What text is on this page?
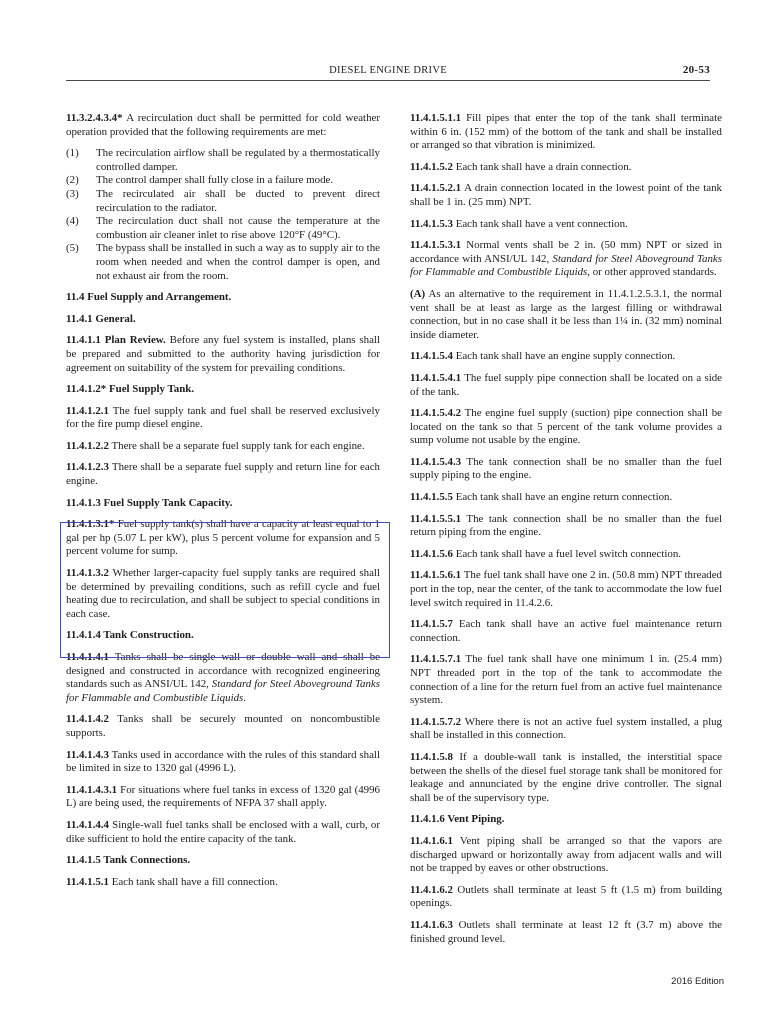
DIESEL ENGINE DRIVE	20-53

11.3.2.4.3.4* A recirculation duct shall be permitted for cold weather operation provided that the following requirements are met:

(1) The recirculation airflow shall be regulated by a thermostatically controlled damper.
(2) The control damper shall fully close in a failure mode.
(3) The recirculated air shall be ducted to prevent direct recirculation to the radiator.
(4) The recirculation duct shall not cause the temperature at the combustion air cleaner inlet to rise above 120°F (49°C).
(5) The bypass shall be installed in such a way as to supply air to the room when needed and when the control damper is open, and not exhaust air from the room.

11.4 Fuel Supply and Arrangement.

11.4.1 General.

11.4.1.1 Plan Review. Before any fuel system is installed, plans shall be prepared and submitted to the authority having jurisdiction for agreement on suitability of the system for prevailing conditions.

11.4.1.2* Fuel Supply Tank.

11.4.1.2.1 The fuel supply tank and fuel shall be reserved exclusively for the fire pump diesel engine.

11.4.1.2.2 There shall be a separate fuel supply tank for each engine.

11.4.1.2.3 There shall be a separate fuel supply and return line for each engine.

11.4.1.3 Fuel Supply Tank Capacity.

11.4.1.3.1* Fuel supply tank(s) shall have a capacity at least equal to 1 gal per hp (5.07 L per kW), plus 5 percent volume for expansion and 5 percent volume for sump.

11.4.1.3.2 Whether larger-capacity fuel supply tanks are required shall be determined by prevailing conditions, such as refill cycle and fuel heating due to recirculation, and shall be subject to special conditions in each case.

11.4.1.4 Tank Construction.

11.4.1.4.1 Tanks shall be single wall or double wall and shall be designed and constructed in accordance with recognized engineering standards such as ANSI/UL 142, Standard for Steel Aboveground Tanks for Flammable and Combustible Liquids.

11.4.1.4.2 Tanks shall be securely mounted on noncombustible supports.

11.4.1.4.3 Tanks used in accordance with the rules of this standard shall be limited in size to 1320 gal (4996 L).

11.4.1.4.3.1 For situations where fuel tanks in excess of 1320 gal (4996 L) are being used, the requirements of NFPA 37 shall apply.

11.4.1.4.4 Single-wall fuel tanks shall be enclosed with a wall, curb, or dike sufficient to hold the entire capacity of the tank.

11.4.1.5 Tank Connections.

11.4.1.5.1 Each tank shall have a fill connection.

11.4.1.5.1.1 Fill pipes that enter the top of the tank shall terminate within 6 in. (152 mm) of the bottom of the tank and shall be installed or arranged so that vibration is minimized.

11.4.1.5.2 Each tank shall have a drain connection.

11.4.1.5.2.1 A drain connection located in the lowest point of the tank shall be 1 in. (25 mm) NPT.

11.4.1.5.3 Each tank shall have a vent connection.

11.4.1.5.3.1 Normal vents shall be 2 in. (50 mm) NPT or sized in accordance with ANSI/UL 142, Standard for Steel Aboveground Tanks for Flammable and Combustible Liquids, or other approved standards.

(A) As an alternative to the requirement in 11.4.1.2.5.3.1, the normal vent shall be at least as large as the largest filling or withdrawal connection, but in no case shall it be less than 1¼ in. (32 mm) nominal inside diameter.

11.4.1.5.4 Each tank shall have an engine supply connection.

11.4.1.5.4.1 The fuel supply pipe connection shall be located on a side of the tank.

11.4.1.5.4.2 The engine fuel supply (suction) pipe connection shall be located on the tank so that 5 percent of the tank volume provides a sump volume not usable by the engine.

11.4.1.5.4.3 The tank connection shall be no smaller than the fuel supply piping to the engine.

11.4.1.5.5 Each tank shall have an engine return connection.

11.4.1.5.5.1 The tank connection shall be no smaller than the fuel return piping from the engine.

11.4.1.5.6 Each tank shall have a fuel level switch connection.

11.4.1.5.6.1 The fuel tank shall have one 2 in. (50.8 mm) NPT threaded port in the top, near the center, of the tank to accommodate the low fuel level switch required in 11.4.2.6.

11.4.1.5.7 Each tank shall have an active fuel maintenance return connection.

11.4.1.5.7.1 The fuel tank shall have one minimum 1 in. (25.4 mm) NPT threaded port in the top of the tank to accommodate the connection of a line for the return fuel from an active fuel maintenance system.

11.4.1.5.7.2 Where there is not an active fuel system installed, a plug shall be installed in this connection.

11.4.1.5.8 If a double-wall tank is installed, the interstitial space between the shells of the diesel fuel storage tank shall be monitored for leakage and annunciated by the engine drive controller. The signal shall be of the supervisory type.

11.4.1.6 Vent Piping.

11.4.1.6.1 Vent piping shall be arranged so that the vapors are discharged upward or horizontally away from adjacent walls and will not be trapped by eaves or other obstructions.

11.4.1.6.2 Outlets shall terminate at least 5 ft (1.5 m) from building openings.

11.4.1.6.3 Outlets shall terminate at least 12 ft (3.7 m) above the finished ground level.

2016 Edition
